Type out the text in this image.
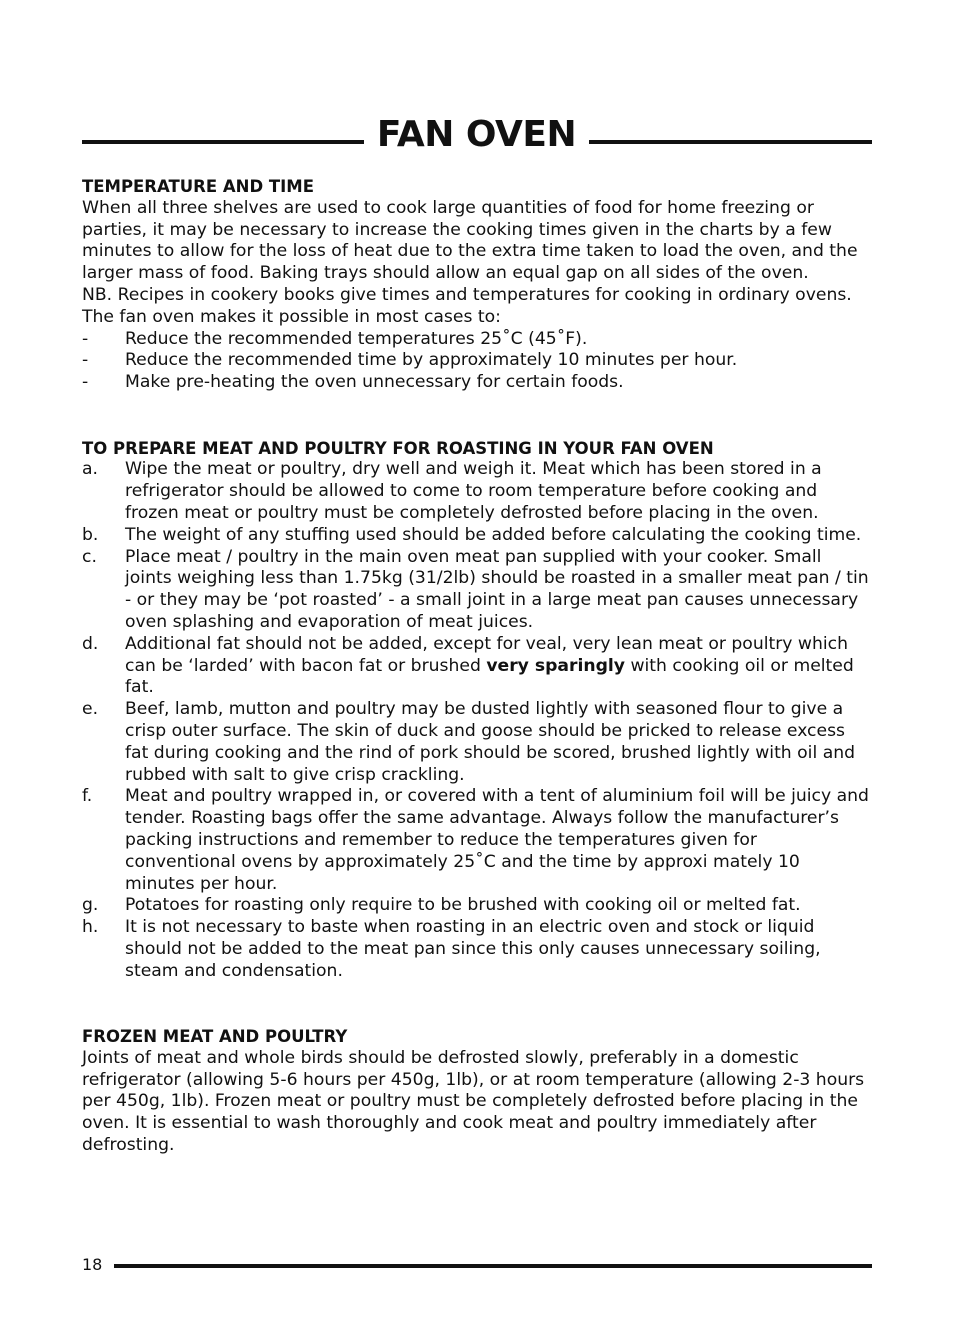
FAN OVEN
TEMPERATURE AND TIME

When all three shelves are used to cook large quantities of food for home freezing or parties, it may be necessary to increase the cooking times given in the charts by a few minutes to allow for the loss of heat due to the extra time taken to load the oven, and the larger mass of food. Baking trays should allow an equal gap on all sides of the oven.

NB. Recipes in cookery books give times and temperatures for cooking in ordinary ovens. The fan oven makes it possible in most cases to:

-	Reduce the recommended temperatures 25˚C (45˚F).
-	Reduce the recommended time by approximately 10 minutes per hour.
-	Make pre-heating the oven unnecessary for certain foods.
TO PREPARE MEAT AND POULTRY FOR ROASTING IN YOUR FAN OVEN
a.	Wipe the meat or poultry, dry well and weigh it. Meat which has been stored in a refrigerator should be allowed to come to room temperature before cooking and frozen meat or poultry must be completely defrosted before placing in the oven.
b.	The weight of any stuffing used should be added before calculating the cooking time.
c.	Place meat / poultry in the main oven meat pan supplied with your cooker. Small joints weighing less than 1.75kg (31/2lb) should be roasted in a smaller meat pan / tin - or they may be ‘pot roasted’ - a small joint in a large meat pan causes unnecessary oven splashing and evaporation of meat juices.
d.	Additional fat should not be added, except for veal, very lean meat or poultry which can be ‘larded’ with bacon fat or brushed very sparingly with cooking oil or melted fat.
e.	Beef, lamb, mutton and poultry may be dusted lightly with seasoned flour to give a crisp outer surface. The skin of duck and goose should be pricked to release excess fat during cooking and the rind of pork should be scored, brushed lightly with oil and rubbed with salt to give crisp crackling.
f.	Meat and poultry wrapped in, or covered with a tent of aluminium foil will be juicy and tender. Roasting bags offer the same advantage. Always follow the manufacturer’s packing instructions and remember to reduce the temperatures given for conventional ovens by approximately 25˚C and the time by approxi mately 10 minutes per hour.
g.	Potatoes for roasting only require to be brushed with cooking oil or melted fat.
h.	It is not necessary to baste when roasting in an electric oven and stock or liquid should not be added to the meat pan since this only causes unnecessary soiling, steam and condensation.
FROZEN MEAT AND POULTRY

Joints of meat and whole birds should be defrosted slowly, preferably in a domestic refrigerator (allowing 5-6 hours per 450g, 1lb), or at room temperature (allowing 2-3 hours per 450g, 1lb). Frozen meat or poultry must be completely defrosted before placing in the oven. It is essential to wash thoroughly and cook meat and poultry immediately after defrosting.

18
